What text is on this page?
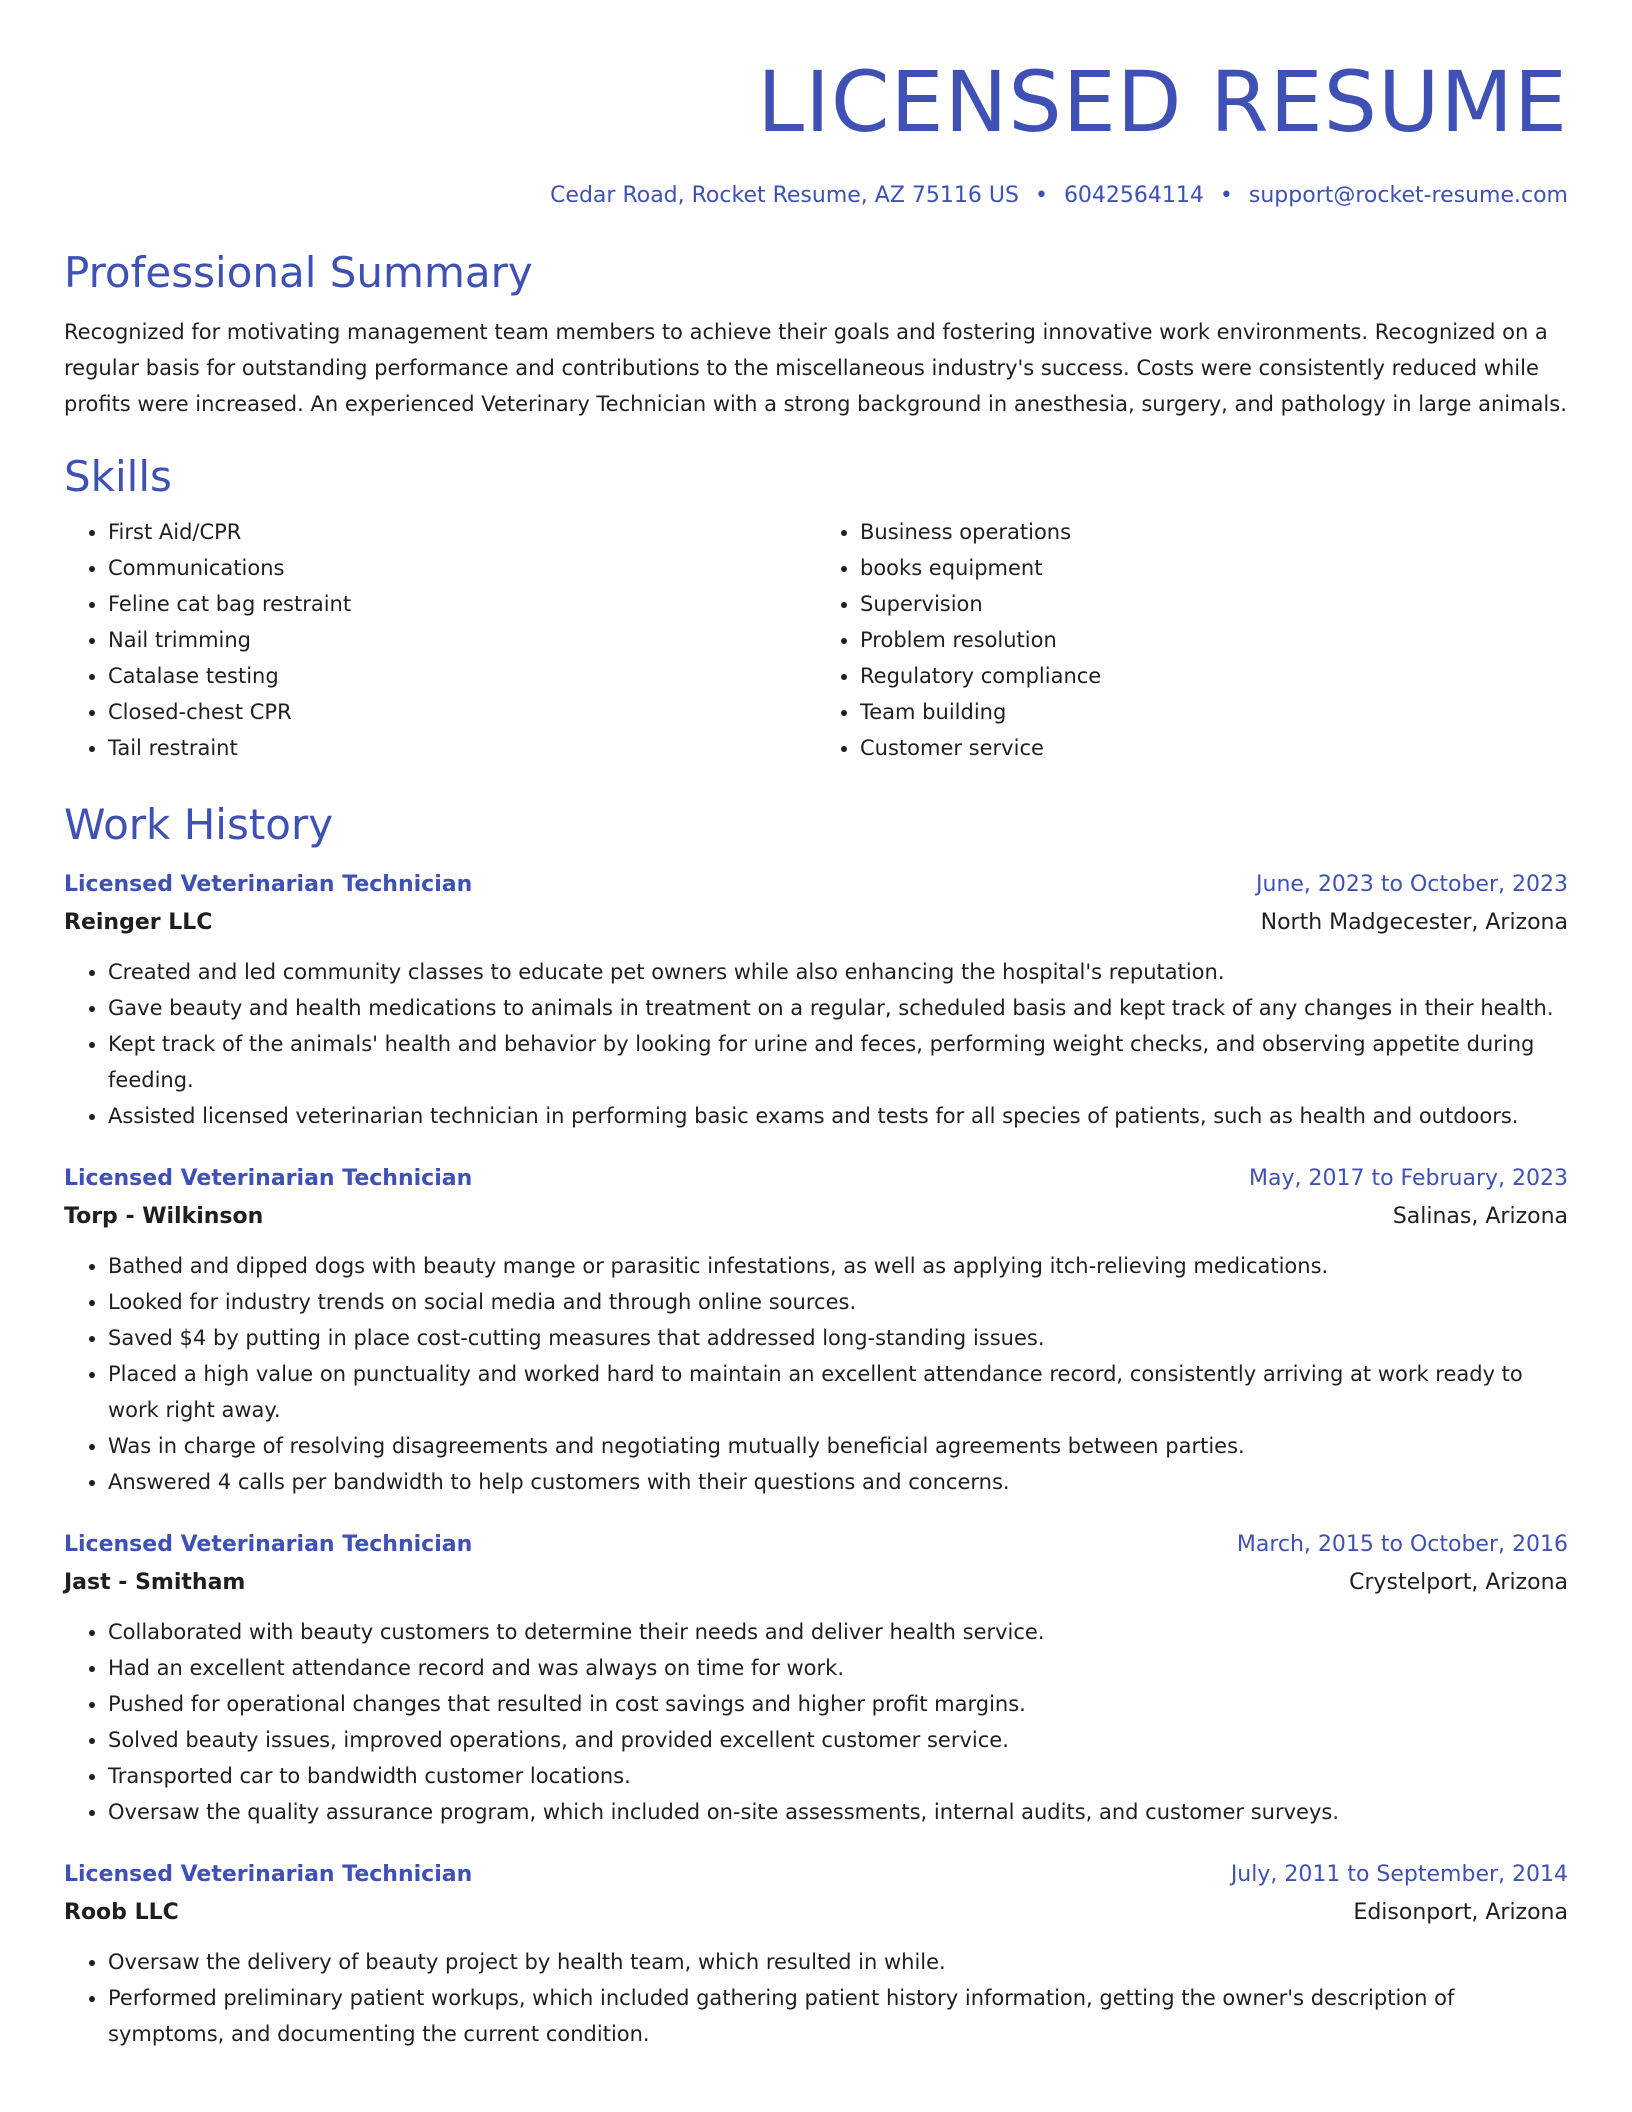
LICENSED RESUME
Cedar Road, Rocket Resume, AZ 75116 US • 6042564114 • support@rocket-resume.com
Professional Summary

Recognized for motivating management team members to achieve their goals and fostering innovative work environments. Recognized on a regular basis for outstanding performance and contributions to the miscellaneous industry's success. Costs were consistently reduced while profits were increased. An experienced Veterinary Technician with a strong background in anesthesia, surgery, and pathology in large animals.

Skills
• First Aid/CPR
• Communications
• Feline cat bag restraint
• Nail trimming
• Catalase testing
• Closed-chest CPR
• Tail restraint
• Business operations
• books equipment
• Supervision
• Problem resolution
• Regulatory compliance
• Team building
• Customer service
Work History
Licensed Veterinarian Technician	June, 2023 to October, 2023
Reinger LLC	North Madgecester, Arizona
• Created and led community classes to educate pet owners while also enhancing the hospital's reputation.
• Gave beauty and health medications to animals in treatment on a regular, scheduled basis and kept track of any changes in their health.
• Kept track of the animals' health and behavior by looking for urine and feces, performing weight checks, and observing appetite during feeding.
• Assisted licensed veterinarian technician in performing basic exams and tests for all species of patients, such as health and outdoors.
Licensed Veterinarian Technician	May, 2017 to February, 2023
Torp - Wilkinson	Salinas, Arizona
• Bathed and dipped dogs with beauty mange or parasitic infestations, as well as applying itch-relieving medications.
• Looked for industry trends on social media and through online sources.
• Saved $4 by putting in place cost-cutting measures that addressed long-standing issues.
• Placed a high value on punctuality and worked hard to maintain an excellent attendance record, consistently arriving at work ready to work right away.
• Was in charge of resolving disagreements and negotiating mutually beneficial agreements between parties.
• Answered 4 calls per bandwidth to help customers with their questions and concerns.
Licensed Veterinarian Technician	March, 2015 to October, 2016
Jast - Smitham	Crystelport, Arizona
• Collaborated with beauty customers to determine their needs and deliver health service.
• Had an excellent attendance record and was always on time for work.
• Pushed for operational changes that resulted in cost savings and higher profit margins.
• Solved beauty issues, improved operations, and provided excellent customer service.
• Transported car to bandwidth customer locations.
• Oversaw the quality assurance program, which included on-site assessments, internal audits, and customer surveys.
Licensed Veterinarian Technician	July, 2011 to September, 2014
Roob LLC	Edisonport, Arizona
• Oversaw the delivery of beauty project by health team, which resulted in while.
• Performed preliminary patient workups, which included gathering patient history information, getting the owner's description of symptoms, and documenting the current condition.
